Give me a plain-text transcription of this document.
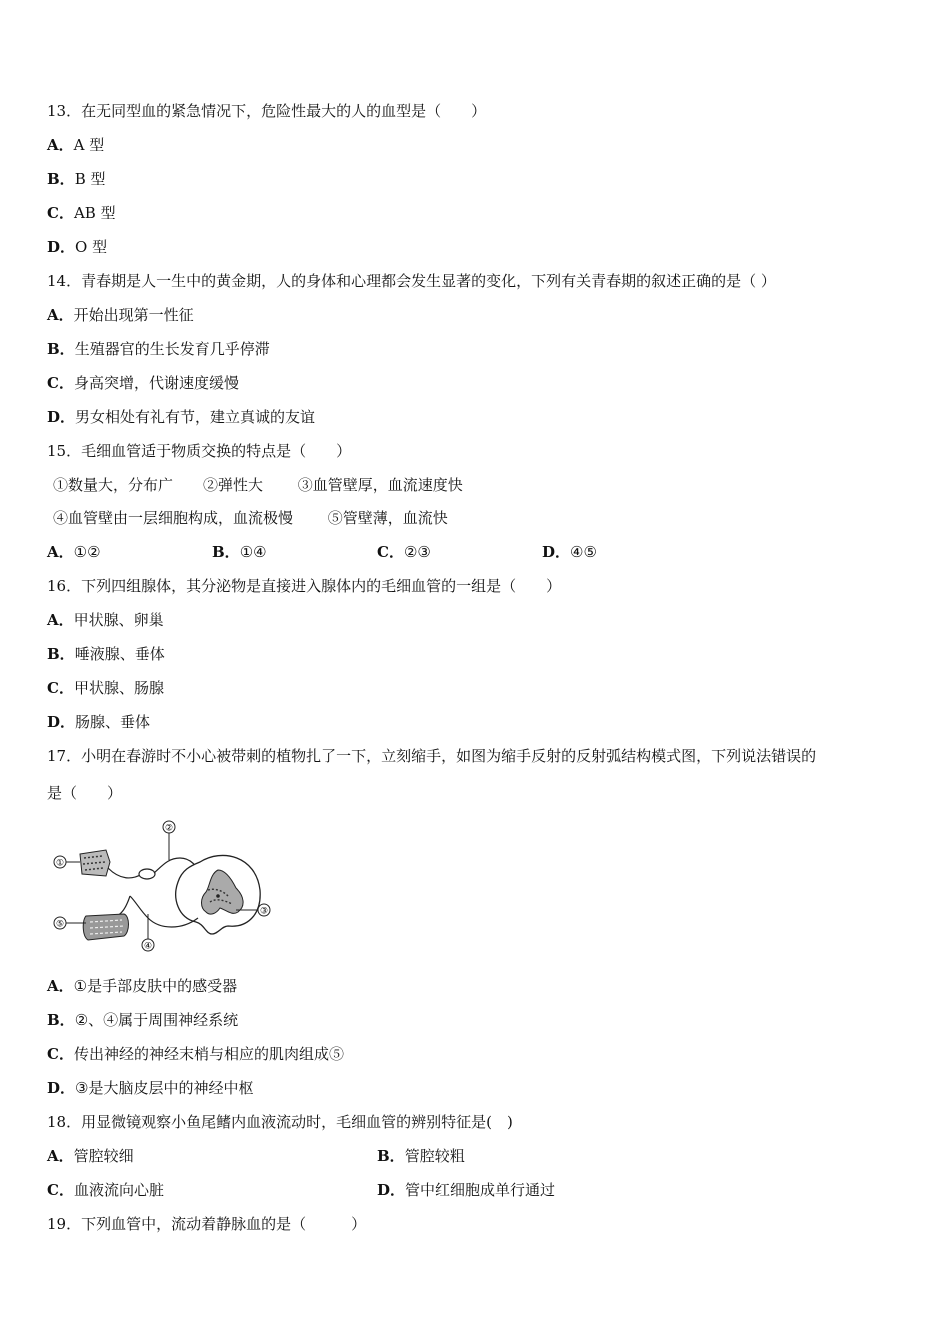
13．在无同型血的紧急情况下，危险性最大的人的血型是（　　）
A．A 型
B．B 型
C．AB 型
D．O 型
14．青春期是人一生中的黄金期，人的身体和心理都会发生显著的变化，下列有关青春期的叙述正确的是（ ）
A．开始出现第一性征
B．生殖器官的生长发育几乎停滞
C．身高突增，代谢速度缓慢
D．男女相处有礼有节，建立真诚的友谊
15．毛细血管适于物质交换的特点是（　　）
①数量大，分布广　　②弹性大　　 ③血管壁厚，血流速度快
④血管壁由一层细胞构成，血流极慢　　 ⑤管壁薄，血流快
A．①②	B．①④	C．②③	D．④⑤
16．下列四组腺体，其分泌物是直接进入腺体内的毛细血管的一组是（　　）
A．甲状腺、卵巢
B．唾液腺、垂体
C．甲状腺、肠腺
D．肠腺、垂体
17．小明在春游时不小心被带刺的植物扎了一下，立刻缩手，如图为缩手反射的反射弧结构模式图，下列说法错误的
是（　　）
①
②
③
④
⑤
A．①是手部皮肤中的感受器
B．②、④属于周围神经系统
C．传出神经的神经末梢与相应的肌肉组成⑤
D．③是大脑皮层中的神经中枢
18．用显微镜观察小鱼尾鳍内血液流动时，毛细血管的辨别特征是(　)
A．管腔较细	B．管腔较粗
C．血液流向心脏	D．管中红细胞成单行通过
19．下列血管中，流动着静脉血的是（　　　）
